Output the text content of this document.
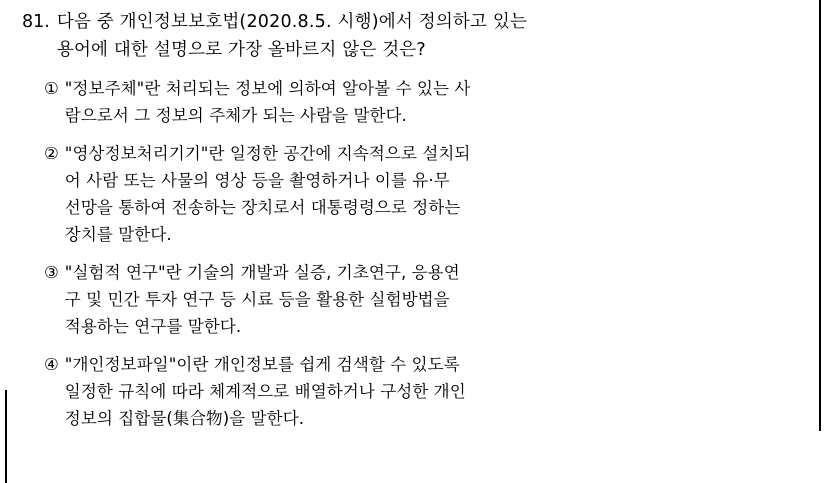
81. 다음 중 개인정보보호법(2020.8.5. 시행)에서 정의하고 있는
용어에 대한 설명으로 가장 올바르지 않은 것은?
① "정보주체"란 처리되는 정보에 의하여 알아볼 수 있는 사
람으로서 그 정보의 주체가 되는 사람을 말한다.
② "영상정보처리기기"란 일정한 공간에 지속적으로 설치되
어 사람 또는 사물의 영상 등을 촬영하거나 이를 유·무
선망을 통하여 전송하는 장치로서 대통령령으로 정하는
장치를 말한다.
③ "실험적 연구"란 기술의 개발과 실증, 기초연구, 응용연
구 및 민간 투자 연구 등 시료 등을 활용한 실험방법을
적용하는 연구를 말한다.
④ "개인정보파일"이란 개인정보를 쉽게 검색할 수 있도록
일정한 규칙에 따라 체계적으로 배열하거나 구성한 개인
정보의 집합물(集合物)을 말한다.
